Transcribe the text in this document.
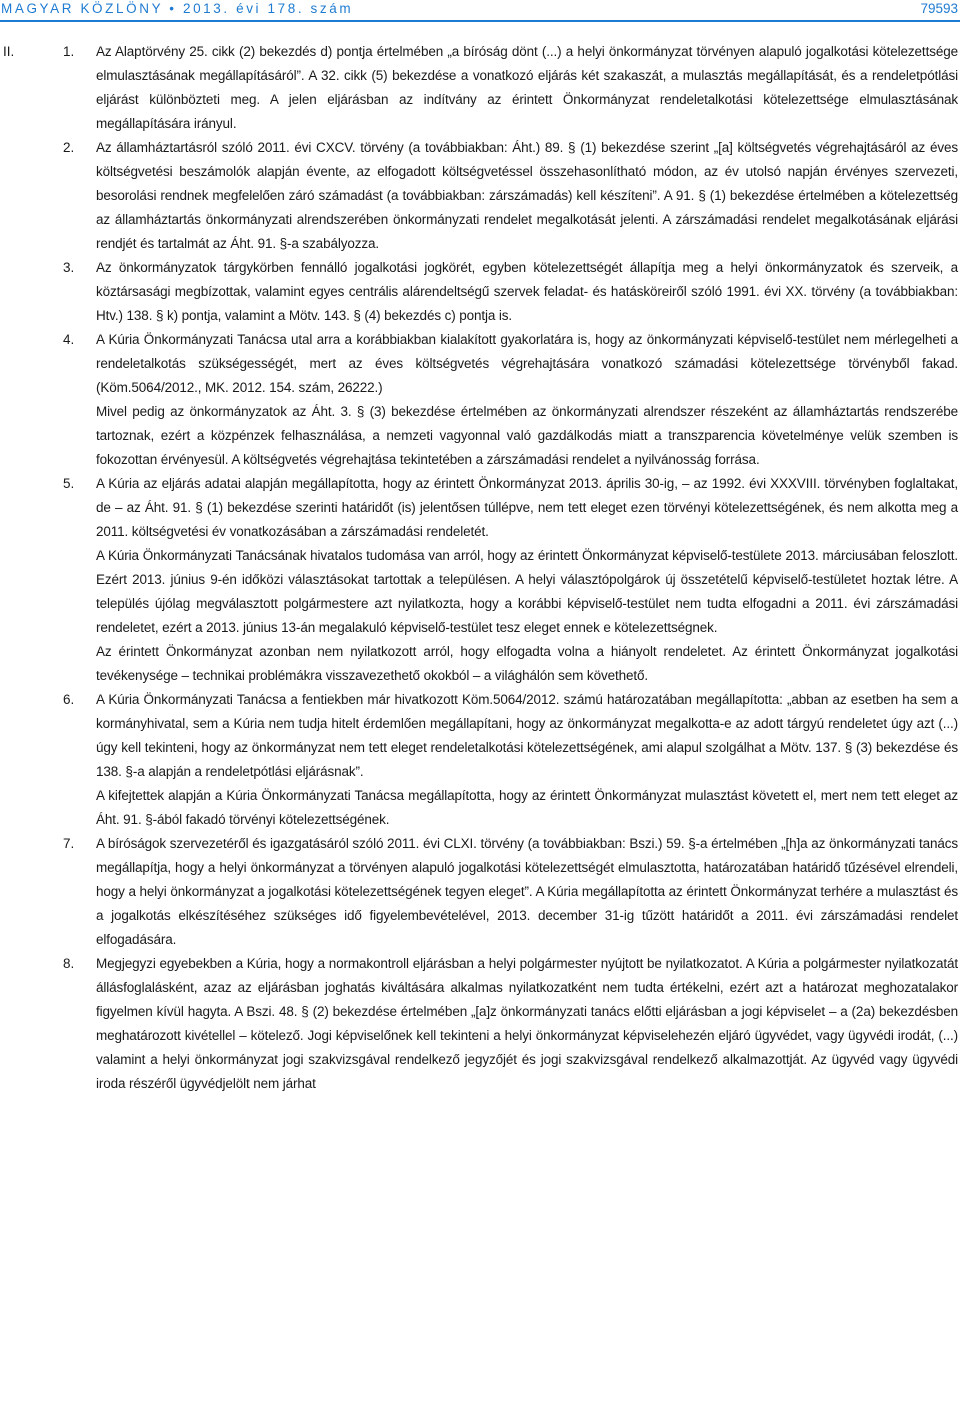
MAGYAR KÖZLÖNY • 2013. évi 178. szám	79593
II.	1.	Az Alaptörvény 25. cikk (2) bekezdés d) pontja értelmében „a bíróság dönt (...) a helyi önkormányzat törvényen alapuló jogalkotási kötelezettsége elmulasztásának megállapításáról”. A 32. cikk (5) bekezdése a vonatkozó eljárás két szakaszát, a mulasztás megállapítását, és a rendeletpótlási eljárást különbözteti meg. A jelen eljárásban az indítvány az érintett Önkormányzat rendeletalkotási kötelezettsége elmulasztásának megállapítására irányul.

2.	Az államháztartásról szóló 2011. évi CXCV. törvény (a továbbiakban: Áht.) 89. § (1) bekezdése szerint „[a] költségvetés végrehajtásáról az éves költségvetési beszámolók alapján évente, az elfogadott költségvetéssel összehasonlítható módon, az év utolsó napján érvényes szervezeti, besorolási rendnek megfelelően záró számadást (a továbbiakban: zárszámadás) kell készíteni”. A 91. § (1) bekezdése értelmében a kötelezettség az államháztartás önkormányzati alrendszerében önkormányzati rendelet megalkotását jelenti. A zárszámadási rendelet megalkotásának eljárási rendjét és tartalmát az Áht. 91. §-a szabályozza.

3.	Az önkormányzatok tárgykörben fennálló jogalkotási jogkörét, egyben kötelezettségét állapítja meg a helyi önkormányzatok és szerveik, a köztársasági megbízottak, valamint egyes centrális alárendeltségű szervek feladat- és hatásköreiről szóló 1991. évi XX. törvény (a továbbiakban: Htv.) 138. § k) pontja, valamint a Mötv. 143. § (4) bekezdés c) pontja is.

4.	A Kúria Önkormányzati Tanácsa utal arra a korábbiakban kialakított gyakorlatára is, hogy az önkormányzati képviselő-testület nem mérlegelheti a rendeletalkotás szükségességét, mert az éves költségvetés végrehajtására vonatkozó számadási kötelezettsége törvényből fakad. (Köm.5064/2012., MK. 2012. 154. szám, 26222.)

Mivel pedig az önkormányzatok az Áht. 3. § (3) bekezdése értelmében az önkormányzati alrendszer részeként az államháztartás rendszerébe tartoznak, ezért a közpénzek felhasználása, a nemzeti vagyonnal való gazdálkodás miatt a transzparencia követelménye velük szemben is fokozottan érvényesül. A költségvetés végrehajtása tekintetében a zárszámadási rendelet a nyilvánosság forrása.

5.	A Kúria az eljárás adatai alapján megállapította, hogy az érintett Önkormányzat 2013. április 30-ig, – az 1992. évi XXXVIII. törvényben foglaltakat, de – az Áht. 91. § (1) bekezdése szerinti határidőt (is) jelentősen túllépve, nem tett eleget ezen törvényi kötelezettségének, és nem alkotta meg a 2011. költségvetési év vonatkozásában a zárszámadási rendeletét.

A Kúria Önkormányzati Tanácsának hivatalos tudomása van arról, hogy az érintett Önkormányzat képviselő-testülete 2013. márciusában feloszlott. Ezért 2013. június 9-én időközi választásokat tartottak a településen. A helyi választópolgárok új összetételű képviselő-testületet hoztak létre. A település újólag megválasztott polgármestere azt nyilatkozta, hogy a korábbi képviselő-testület nem tudta elfogadni a 2011. évi zárszámadási rendeletet, ezért a 2013. június 13-án megalakuló képviselő-testület tesz eleget ennek e kötelezettségnek.

Az érintett Önkormányzat azonban nem nyilatkozott arról, hogy elfogadta volna a hiányolt rendeletet. Az érintett Önkormányzat jogalkotási tevékenysége – technikai problémákra visszavezethető okokból – a világhálón sem követhető.

6.	A Kúria Önkormányzati Tanácsa a fentiekben már hivatkozott Köm.5064/2012. számú határozatában megállapította: „abban az esetben ha sem a kormányhivatal, sem a Kúria nem tudja hitelt érdemlően megállapítani, hogy az önkormányzat megalkotta-e az adott tárgyú rendeletet úgy azt (...) úgy kell tekinteni, hogy az önkormányzat nem tett eleget rendeletalkotási kötelezettségének, ami alapul szolgálhat a Mötv. 137. § (3) bekezdése és 138. §-a alapján a rendeletpótlási eljárásnak”.

A kifejtettek alapján a Kúria Önkormányzati Tanácsa megállapította, hogy az érintett Önkormányzat mulasztást követett el, mert nem tett eleget az Áht. 91. §-ából fakadó törvényi kötelezettségének.

7.	A bíróságok szervezetéről és igazgatásáról szóló 2011. évi CLXI. törvény (a továbbiakban: Bszi.) 59. §-a értelmében „[h]a az önkormányzati tanács megállapítja, hogy a helyi önkormányzat a törvényen alapuló jogalkotási kötelezettségét elmulasztotta, határozatában határidő tűzésével elrendeli, hogy a helyi önkormányzat a jogalkotási kötelezettségének tegyen eleget”. A Kúria megállapította az érintett Önkormányzat terhére a mulasztást és a jogalkotás elkészítéséhez szükséges idő figyelembevételével, 2013. december 31-ig tűzött határidőt a 2011. évi zárszámadási rendelet elfogadására.

8.	Megjegyzi egyebekben a Kúria, hogy a normakontroll eljárásban a helyi polgármester nyújtott be nyilatkozatot. A Kúria a polgármester nyilatkozatát állásfoglalásként, azaz az eljárásban joghatás kiváltására alkalmas nyilatkozatként nem tudta értékelni, ezért azt a határozat meghozatalakor figyelmen kívül hagyta. A Bszi. 48. § (2) bekezdése értelmében „[a]z önkormányzati tanács előtti eljárásban a jogi képviselet – a (2a) bekezdésben meghatározott kivétellel – kötelező. Jogi képviselőnek kell tekinteni a helyi önkormányzat képviselehezén eljáró ügyvédet, vagy ügyvédi irodát, (...) valamint a helyi önkormányzat jogi szakvizsgával rendelkező jegyzőjét és jogi szakvizsgával rendelkező alkalmazottját. Az ügyvéd vagy ügyvédi iroda részéről ügyvédjelölt nem járhat
